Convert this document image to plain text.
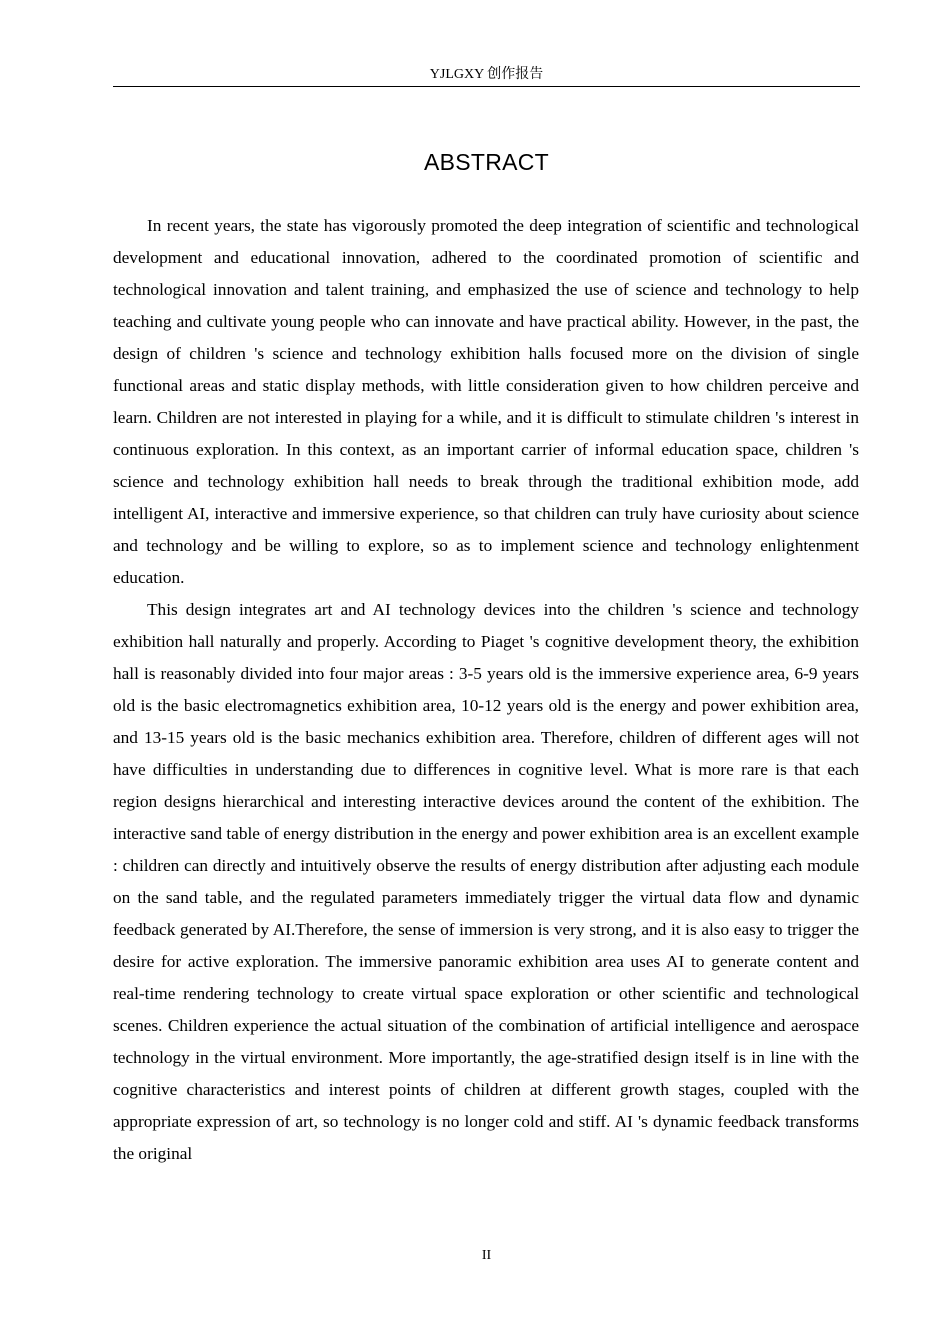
YJLGXY 创作报告
ABSTRACT

In recent years, the state has vigorously promoted the deep integration of scientific and technological development and educational innovation, adhered to the coordinated promotion of scientific and technological innovation and talent training, and emphasized the use of science and technology to help teaching and cultivate young people who can innovate and have practical ability. However, in the past, the design of children 's science and technology exhibition halls focused more on the division of single functional areas and static display methods, with little consideration given to how children perceive and learn. Children are not interested in playing for a while, and it is difficult to stimulate children 's interest in continuous exploration. In this context, as an important carrier of informal education space, children 's science and technology exhibition hall needs to break through the traditional exhibition mode, add intelligent AI, interactive and immersive experience, so that children can truly have curiosity about science and technology and be willing to explore, so as to implement science and technology enlightenment education.

This design integrates art and AI technology devices into the children 's science and technology exhibition hall naturally and properly. According to Piaget 's cognitive development theory, the exhibition hall is reasonably divided into four major areas : 3-5 years old is the immersive experience area, 6-9 years old is the basic electromagnetics exhibition area, 10-12 years old is the energy and power exhibition area, and 13-15 years old is the basic mechanics exhibition area. Therefore, children of different ages will not have difficulties in understanding due to differences in cognitive level. What is more rare is that each region designs hierarchical and interesting interactive devices around the content of the exhibition. The interactive sand table of energy distribution in the energy and power exhibition area is an excellent example : children can directly and intuitively observe the results of energy distribution after adjusting each module on the sand table, and the regulated parameters immediately trigger the virtual data flow and dynamic feedback generated by AI.Therefore, the sense of immersion is very strong, and it is also easy to trigger the desire for active exploration. The immersive panoramic exhibition area uses AI to generate content and real-time rendering technology to create virtual space exploration or other scientific and technological scenes. Children experience the actual situation of the combination of artificial intelligence and aerospace technology in the virtual environment. More importantly, the age-stratified design itself is in line with the cognitive characteristics and interest points of children at different growth stages, coupled with the appropriate expression of art, so technology is no longer cold and stiff. AI 's dynamic feedback transforms the original

II
